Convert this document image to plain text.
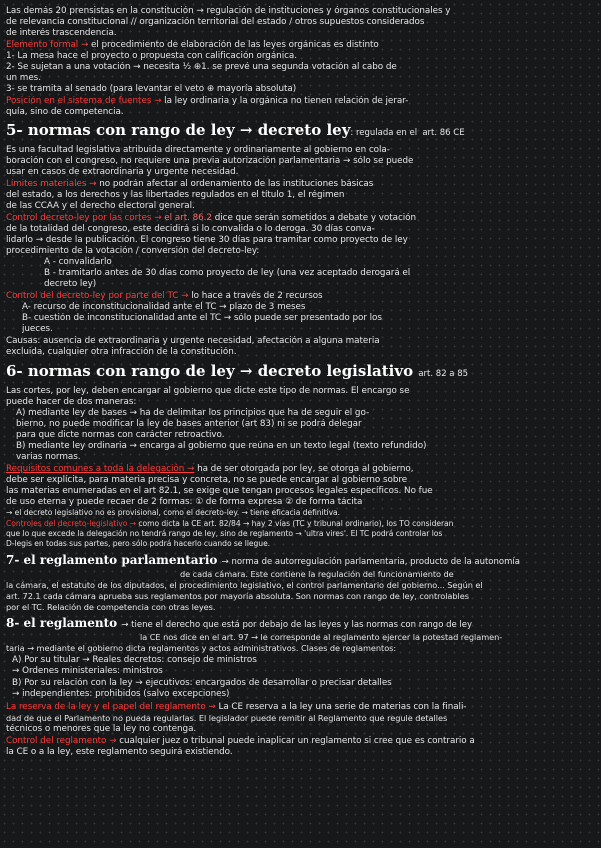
Las demás 20 prensistas en la constitución → regulación de instituciones y órganos constitucionales y
de relevancia constitucional // organización territorial del estado / otros supuestos considerados
de interés trascendencia.
Elemento formal → el procedimiento de elaboración de las leyes orgánicas es distinto
1- La mesa hace el proyecto o propuesta con calificación orgánica.
2- Se sujetan a una votación → necesita ½ ⊕1. se prevé una segunda votación al cabo de
un mes.
3- se tramita al senado (para levantar el veto ⊕ mayoría absoluta)
Posición en el sistema de fuentes → la ley ordinaria y la orgánica no tienen relación de jerar-
quía, sino de competencia.
5- normas con rango de ley → decreto ley: regulada en el art. 86 CE
Es una facultad legislativa atribuida directamente y ordinariamente al gobierno en cola-
boración con el congreso, no requiere una previa autorización parlamentaria → sólo se puede
usar en casos de extraordinaria y urgente necesidad.
Límites materiales → no podrán afectar al ordenamiento de las instituciones básicas
del estado, a los derechos y las libertades regulados en el título 1, el régimen
de las CCAA y el derecho electoral general.
Control decreto-ley por las cortes → el art. 86.2 dice que serán sometidos a debate y votación
de la totalidad del congreso, este decidirá si lo convalida o lo deroga. 30 días conva-
lidarlo → desde la publicación. El congreso tiene 30 días para tramitar como proyecto de ley
procedimiento de la votación / conversión del decreto-ley:
A - convalidarlo
B - tramitarlo antes de 30 días como proyecto de ley (una vez aceptado derogará el
decreto ley)
Control del decreto-ley por parte del TC → lo hace a través de 2 recursos
A- recurso de inconstitucionalidad ante el TC → plazo de 3 meses
B- cuestión de inconstitucionalidad ante el TC → sólo puede ser presentado por los
jueces.
Causas: ausencia de extraordinaria y urgente necesidad, afectación a alguna materia
excluida, cualquier otra infracción de la constitución.
6- normas con rango de ley → decreto legislativo art. 82 a 85
Las cortes, por ley, deben encargar al gobierno que dicte este tipo de normas. El encargo se
puede hacer de dos maneras:
A) mediante ley de bases → ha de delimitar los principios que ha de seguir el go-
bierno, no puede modificar la ley de bases anterior (art 83) ni se podrá delegar
para que dicte normas con carácter retroactivo.
B) mediante ley ordinaria → encarga al gobierno que reúna en un texto legal (texto refundido)
varias normas.
Requisitos comunes a toda la delegación → ha de ser otorgada por ley, se otorga al gobierno,
debe ser explícita, para materia precisa y concreta, no se puede encargar al gobierno sobre
las materias enumeradas en el art 82.1, se exige que tengan procesos legales específicos. No fue
de uso eterna y puede recaer de 2 formas: ① de forma expresa ② de forma tácita
→ el decreto legislativo no es provisional, como el decreto-ley. → tiene eficacia definitiva.
Controles del decreto-legislativo → como dicta la CE art. 82/84 → hay 2 vías (TC y tribunal ordinario), los TO consideran
que lo que excede la delegación no tendrá rango de ley, sino de reglamento → 'ultra vires'. El TC podrá controlar los
D-legis en todas sus partes, pero sólo podrá hacerlo cuando se llegue.
7- el reglamento parlamentario → norma de autorregulación parlamentaria, producto de la autonomía
de cada cámara. Este contiene la regulación del funcionamiento de
la cámara, el estatuto de los diputados, el procedimiento legislativo, el control parlamentario del gobierno... Según el
art. 72.1 cada cámara aprueba sus reglamentos por mayoría absoluta. Son normas con rango de ley, controlables
por el TC. Relación de competencia con otras leyes.
8- el reglamento → tiene el derecho que está por debajo de las leyes y las normas con rango de ley
la CE nos dice en el art. 97 → le corresponde al reglamento ejercer la potestad reglamen-
taria → mediante el gobierno dicta reglamentos y actos administrativos. Clases de reglamentos:
A) Por su titular → Reales decretos: consejo de ministros
→ Órdenes ministeriales: ministros
B) Por su relación con la ley → ejecutivos: encargados de desarrollar o precisar detalles
→ independientes: prohibidos (salvo excepciones)
La reserva de la ley y el papel del reglamento → La CE reserva a la ley una serie de materias con la finali-
dad de que el Parlamento no pueda regularlas. El legislador puede remitir al Reglamento que regule detalles
técnicos o menores que la ley no contenga.
Control del reglamento → cualquier juez o tribunal puede inaplicar un reglamento si cree que es contrario a
la CE o a la ley, este reglamento seguirá existiendo.
